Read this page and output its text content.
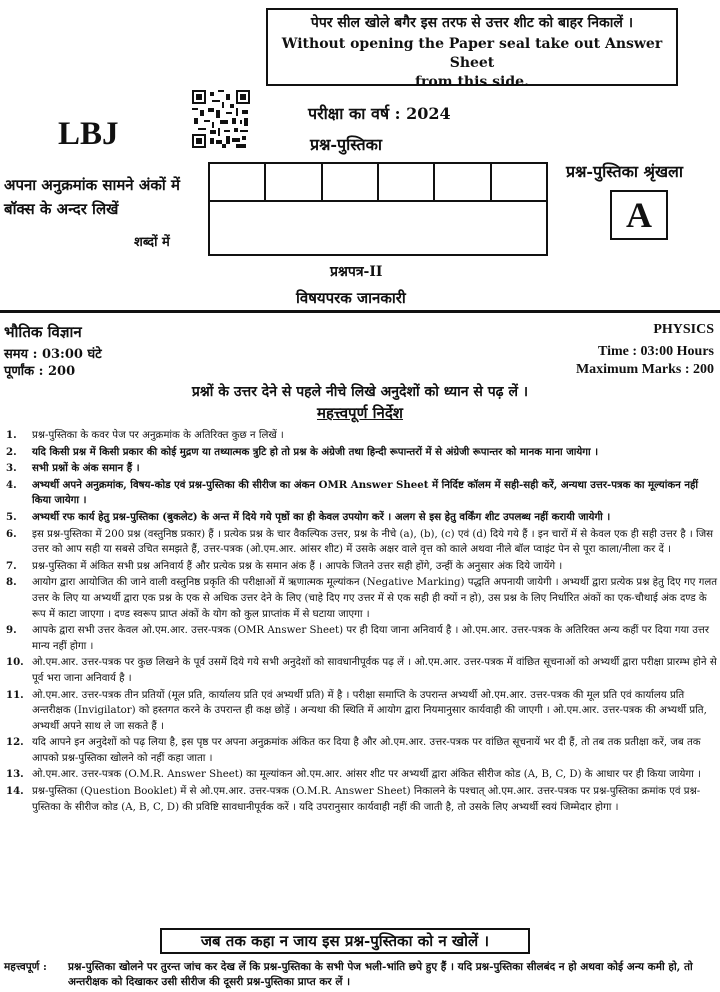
पेपर सील खोले बगैर इस तरफ से उत्तर शीट को बाहर निकालें ।
Without opening the Paper seal take out Answer Sheet
from this side.
LBJ
परीक्षा का वर्ष : 2024
प्रश्न-पुस्तिका
अपना अनुक्रमांक सामने अंकों में
बॉक्स के अन्दर लिखें
शब्दों में
प्रश्न-पुस्तिका श्रृंखला
A
प्रश्नपत्र-II
विषयपरक जानकारी
भौतिक विज्ञान	PHYSICS
समय : 03:00 घंटे
पूर्णांक : 200
Time : 03:00 Hours
Maximum Marks : 200
प्रश्नों के उत्तर देने से पहले नीचे लिखे अनुदेशों को ध्यान से पढ़ लें ।
महत्त्वपूर्ण निर्देश
1.	प्रश्न-पुस्तिका के कवर पेज पर अनुक्रमांक के अतिरिक्त कुछ न लिखें ।
2.	यदि किसी प्रश्न में किसी प्रकार की कोई मुद्रण या तथ्यात्मक त्रुटि हो तो प्रश्न के अंग्रेजी तथा हिन्दी रूपान्तरों में से अंग्रेजी रूपान्तर को मानक माना जायेगा ।
3.	सभी प्रश्नों के अंक समान हैं ।
4.	अभ्यर्थी अपने अनुक्रमांक, विषय-कोड एवं प्रश्न-पुस्तिका की सीरीज का अंकन OMR Answer Sheet में निर्दिष्ट कॉलम में सही-सही करें, अन्यथा उत्तर-पत्रक का मूल्यांकन नहीं किया जायेगा ।
5.	अभ्यर्थी रफ कार्य हेतु प्रश्न-पुस्तिका (बुकलेट) के अन्त में दिये गये पृष्ठों का ही केवल उपयोग करें । अलग से इस हेतु वर्किंग शीट उपलब्ध नहीं करायी जायेगी ।
6.	इस प्रश्न-पुस्तिका में 200 प्रश्न (वस्तुनिष्ठ प्रकार) हैं । प्रत्येक प्रश्न के चार वैकल्पिक उत्तर, प्रश्न के नीचे (a), (b), (c) एवं (d) दिये गये हैं । इन चारों में से केवल एक ही सही उत्तर है । जिस उत्तर को आप सही या सबसे उचित समझते हैं, उत्तर-पत्रक (ओ.एम.आर. आंसर शीट) में उसके अक्षर वाले वृत्त को काले अथवा नीले बॉल प्वाइंट पेन से पूरा काला/नीला कर दें ।
7.	प्रश्न-पुस्तिका में अंकित सभी प्रश्न अनिवार्य हैं और प्रत्येक प्रश्न के समान अंक हैं । आपके जितने उत्तर सही होंगे, उन्हीं के अनुसार अंक दिये जायेंगे ।
8.	आयोग द्वारा आयोजित की जाने वाली वस्तुनिष्ठ प्रकृति की परीक्षाओं में ऋणात्मक मूल्यांकन (Negative Marking) पद्धति अपनायी जायेगी । अभ्यर्थी द्वारा प्रत्येक प्रश्न हेतु दिए गए गलत उत्तर के लिए या अभ्यर्थी द्वारा एक प्रश्न के एक से अधिक उत्तर देने के लिए (चाहे दिए गए उत्तर में से एक सही ही क्यों न हो), उस प्रश्न के लिए निर्धारित अंकों का एक-चौथाई अंक दण्ड के रूप में काटा जाएगा । दण्ड स्वरूप प्राप्त अंकों के योग को कुल प्राप्तांक में से घटाया जाएगा ।
9.	आपके द्वारा सभी उत्तर केवल ओ.एम.आर. उत्तर-पत्रक (OMR Answer Sheet) पर ही दिया जाना अनिवार्य है । ओ.एम.आर. उत्तर-पत्रक के अतिरिक्त अन्य कहीं पर दिया गया उत्तर मान्य नहीं होगा ।
10. ओ.एम.आर. उत्तर-पत्रक पर कुछ लिखने के पूर्व उसमें दिये गये सभी अनुदेशों को सावधानीपूर्वक पढ़ लें । ओ.एम.आर. उत्तर-पत्रक में वांछित सूचनाओं को अभ्यर्थी द्वारा परीक्षा प्रारम्भ होने से पूर्व भरा जाना अनिवार्य है ।
11. ओ.एम.आर. उत्तर-पत्रक तीन प्रतियों (मूल प्रति, कार्यालय प्रति एवं अभ्यर्थी प्रति) में है । परीक्षा समाप्ति के उपरान्त अभ्यर्थी ओ.एम.आर. उत्तर-पत्रक की मूल प्रति एवं कार्यालय प्रति अन्तरीक्षक (Invigilator) को हस्तगत करने के उपरान्त ही कक्ष छोड़ें । अन्यथा की स्थिति में आयोग द्वारा नियमानुसार कार्यवाही की जाएगी । ओ.एम.आर. उत्तर-पत्रक की अभ्यर्थी प्रति, अभ्यर्थी अपने साथ ले जा सकते हैं ।
12. यदि आपने इन अनुदेशों को पढ़ लिया है, इस पृष्ठ पर अपना अनुक्रमांक अंकित कर दिया है और ओ.एम.आर. उत्तर-पत्रक पर वांछित सूचनायें भर दी हैं, तो तब तक प्रतीक्षा करें, जब तक आपको प्रश्न-पुस्तिका खोलने को नहीं कहा जाता ।
13. ओ.एम.आर. उत्तर-पत्रक (O.M.R. Answer Sheet) का मूल्यांकन ओ.एम.आर. आंसर शीट पर अभ्यर्थी द्वारा अंकित सीरीज कोड (A, B, C, D) के आधार पर ही किया जायेगा ।
14. प्रश्न-पुस्तिका (Question Booklet) में से ओ.एम.आर. उत्तर-पत्रक (O.M.R. Answer Sheet) निकालने के पश्चात् ओ.एम.आर. उत्तर-पत्रक पर प्रश्न-पुस्तिका क्रमांक एवं प्रश्न-पुस्तिका के सीरीज कोड (A, B, C, D) की प्रविष्टि सावधानीपूर्वक करें । यदि उपरानुसार कार्यवाही नहीं की जाती है, तो उसके लिए अभ्यर्थी स्वयं जिम्मेदार होगा ।
जब तक कहा न जाय इस प्रश्न-पुस्तिका को न खोलें ।
महत्त्वपूर्ण :	प्रश्न-पुस्तिका खोलने पर तुरन्त जांच कर देख लें कि प्रश्न-पुस्तिका के सभी पेज भली-भांति छपे हुए हैं । यदि प्रश्न-पुस्तिका सीलबंद न हो अथवा कोई अन्य कमी हो, तो अन्तरीक्षक को दिखाकर उसी सीरीज की दूसरी प्रश्न-पुस्तिका प्राप्त कर लें ।
